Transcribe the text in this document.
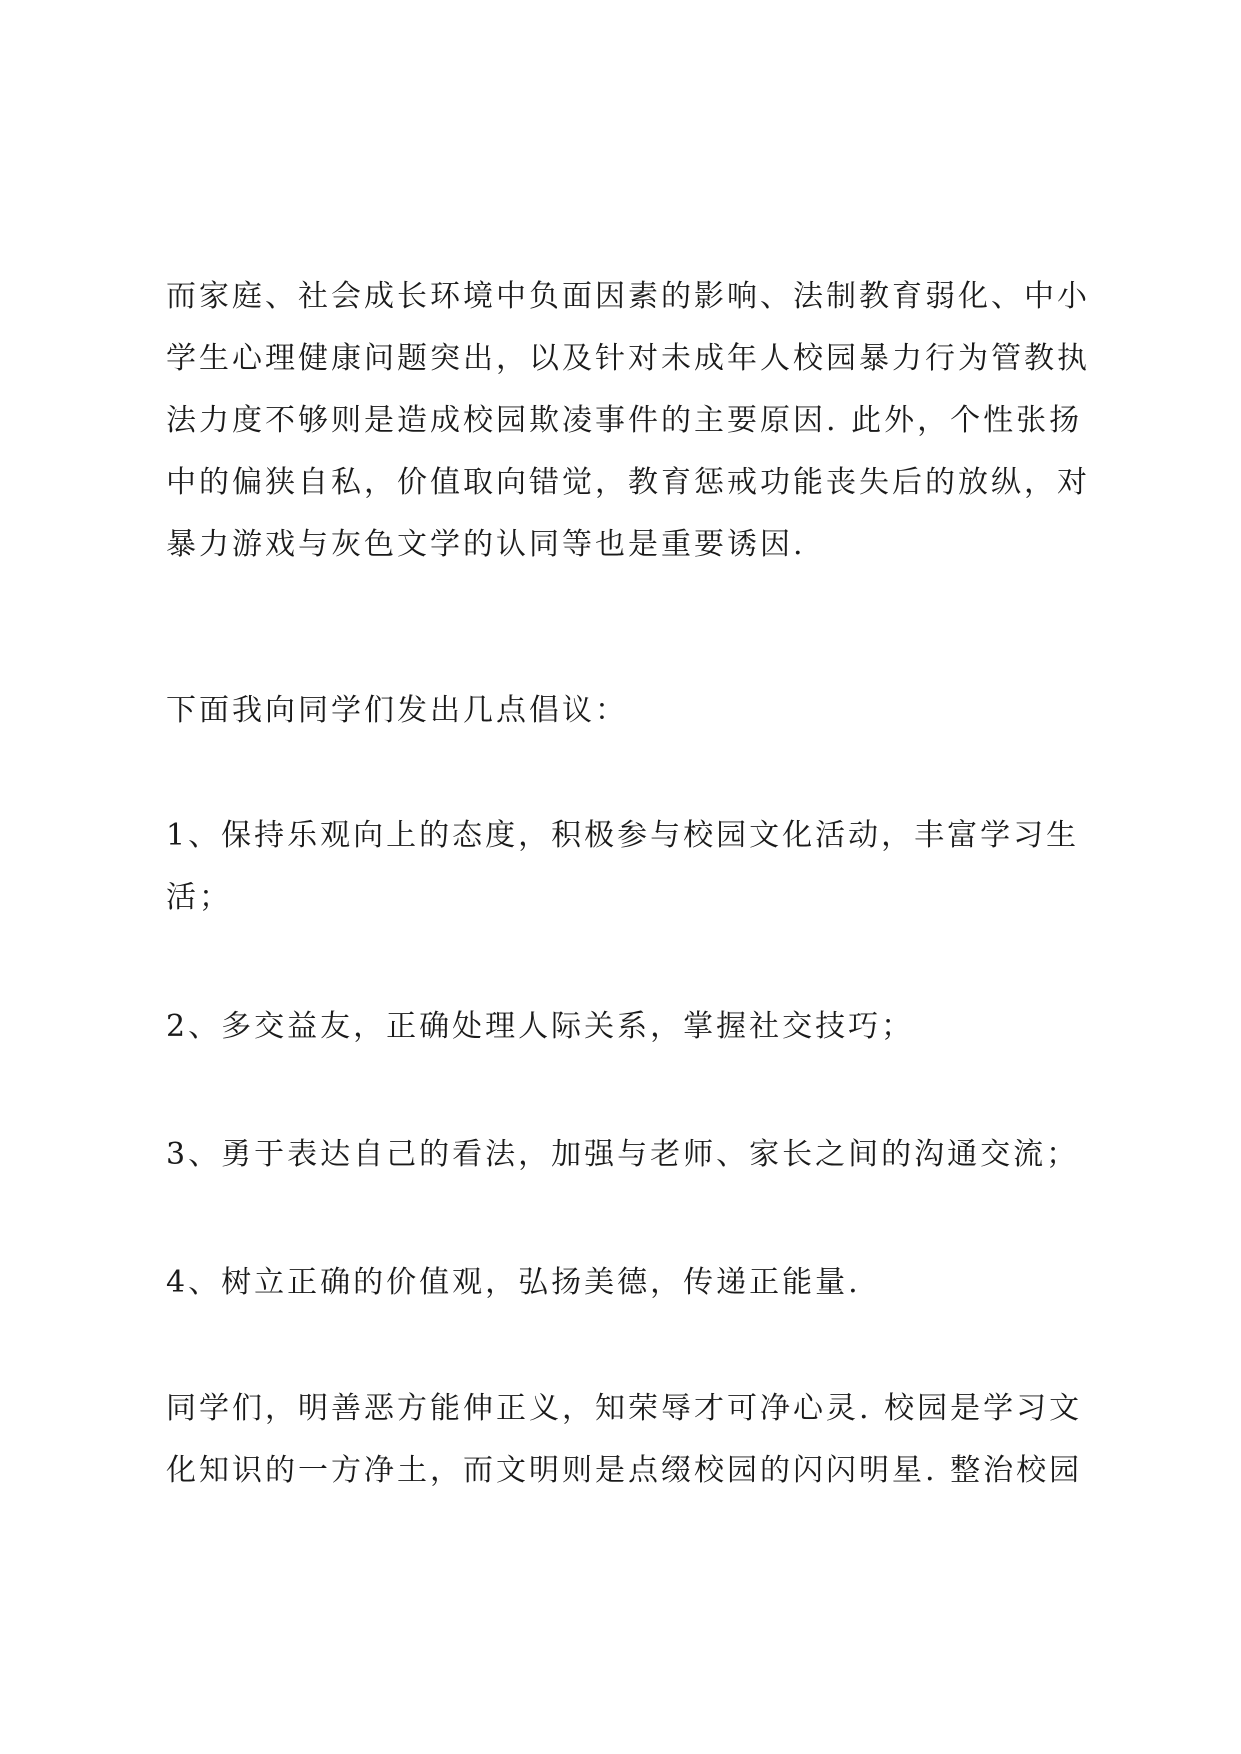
而家庭、社会成长环境中负面因素的影响、法制教育弱化、中小
学生心理健康问题突出，以及针对未成年人校园暴力行为管教执
法力度不够则是造成校园欺凌事件的主要原因. 此外，个性张扬
中的偏狭自私，价值取向错觉，教育惩戒功能丧失后的放纵，对
暴力游戏与灰色文学的认同等也是重要诱因.
下面我向同学们发出几点倡议：
1、保持乐观向上的态度，积极参与校园文化活动，丰富学习生
活；
2、多交益友，正确处理人际关系，掌握社交技巧；
3、勇于表达自己的看法，加强与老师、家长之间的沟通交流；
4、树立正确的价值观，弘扬美德，传递正能量.
同学们，明善恶方能伸正义，知荣辱才可净心灵. 校园是学习文
化知识的一方净土，而文明则是点缀校园的闪闪明星. 整治校园
